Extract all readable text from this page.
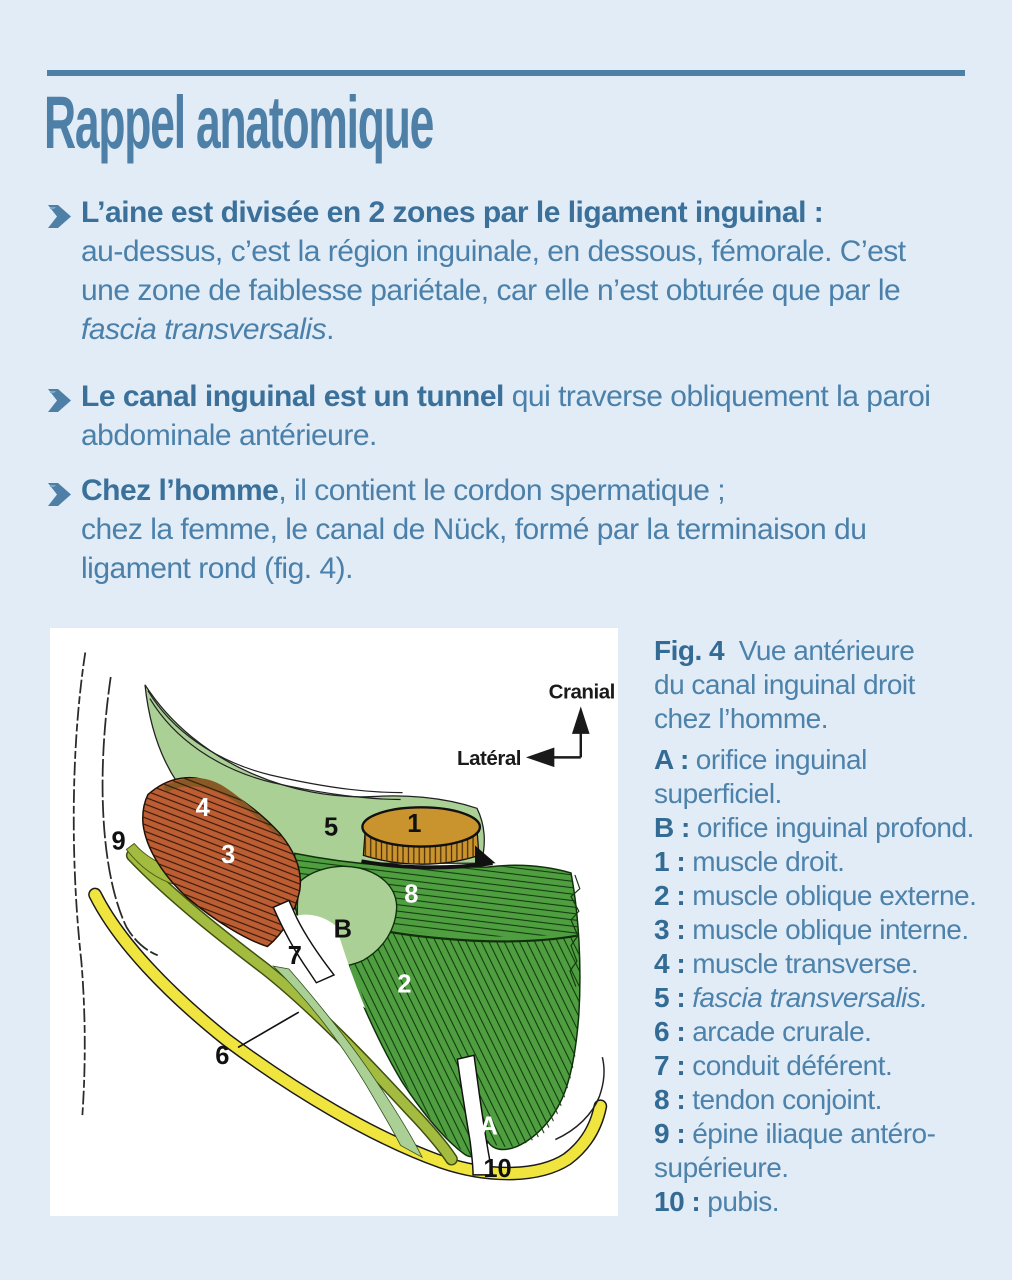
Rappel anatomique
L’aine est divisée en 2 zones par le ligament inguinal :
au-dessus, c’est la région inguinale, en dessous, fémorale. C’est
une zone de faiblesse pariétale, car elle n’est obturée que par le
fascia transversalis.
Le canal inguinal est un tunnel qui traverse obliquement la paroi
abdominale antérieure.
Chez l’homme, il contient le cordon spermatique ;
chez la femme, le canal de Nück, formé par la terminaison du
ligament rond (fig. 4).
Cranial
Latéral
9
4
3
5	1
8
B
7
2
6
A
10
Fig. 4 Vue antérieure
du canal inguinal droit
chez l’homme.
A : orifice inguinal superficiel.
B : orifice inguinal profond.
1 : muscle droit.
2 : muscle oblique externe.
3 : muscle oblique interne.
4 : muscle transverse.
5 : fascia transversalis.
6 : arcade crurale.
7 : conduit déférent.
8 : tendon conjoint.
9 : épine iliaque antéro-supérieure.
10 : pubis.
